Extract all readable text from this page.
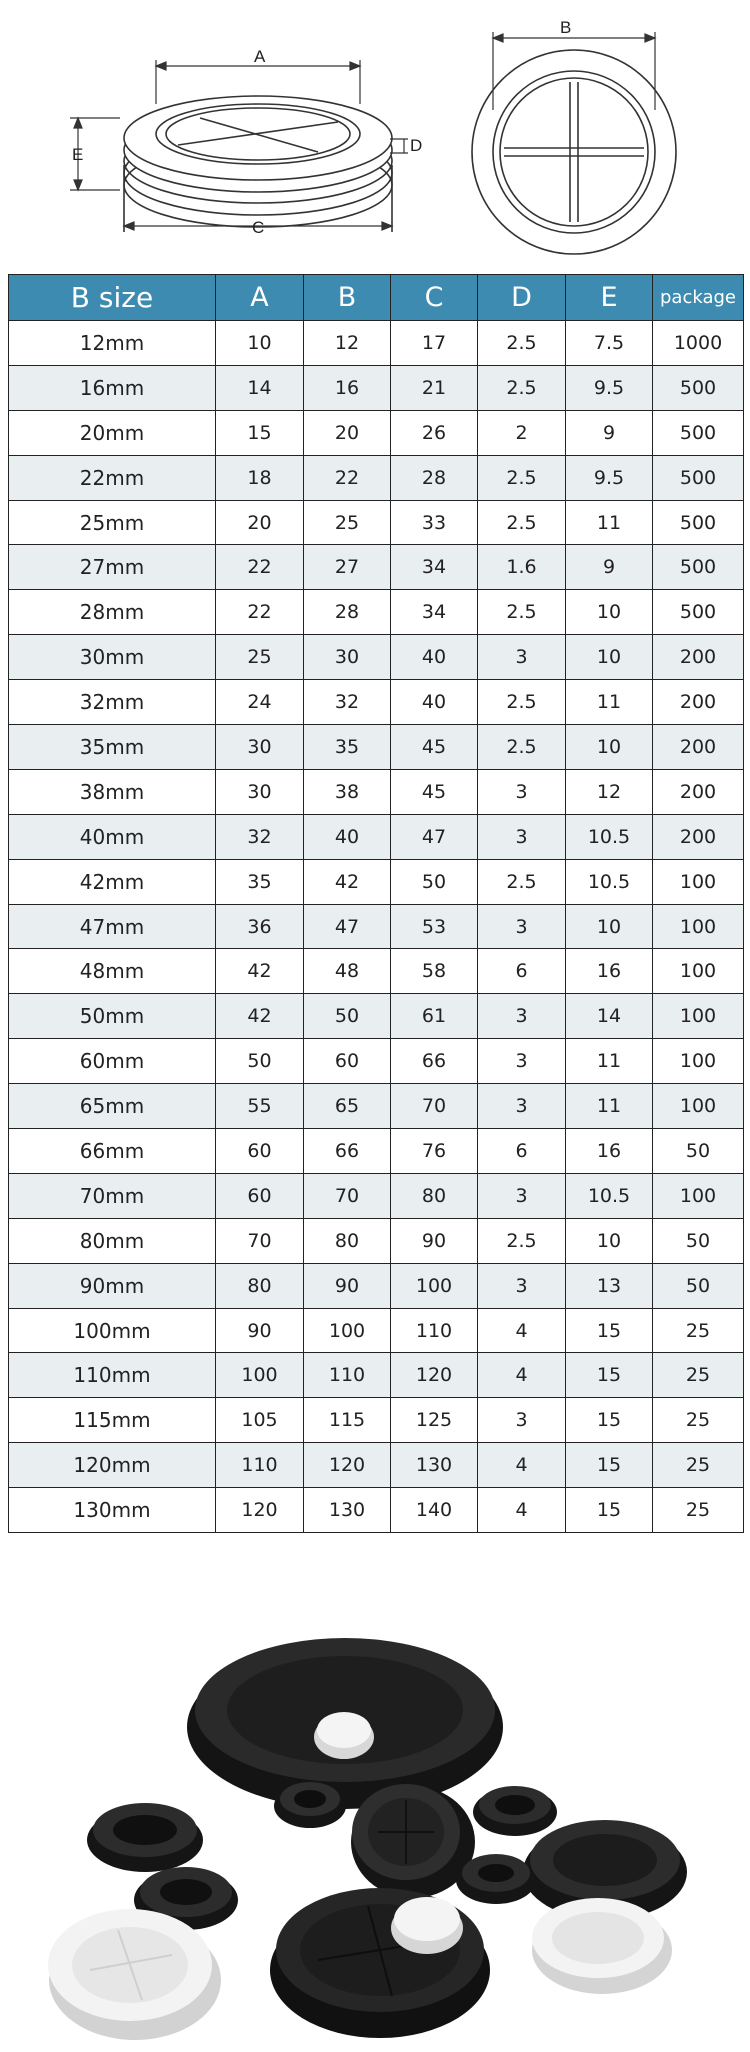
A
C
E	D
B
B size	A	B	C	D	E	package
12mm	10	12	17	2.5	7.5	1000
16mm	14	16	21	2.5	9.5	500
20mm	15	20	26	2	9	500
22mm	18	22	28	2.5	9.5	500
25mm	20	25	33	2.5	11	500
27mm	22	27	34	1.6	9	500
28mm	22	28	34	2.5	10	500
30mm	25	30	40	3	10	200
32mm	24	32	40	2.5	11	200
35mm	30	35	45	2.5	10	200
38mm	30	38	45	3	12	200
40mm	32	40	47	3	10.5	200
42mm	35	42	50	2.5	10.5	100
47mm	36	47	53	3	10	100
48mm	42	48	58	6	16	100
50mm	42	50	61	3	14	100
60mm	50	60	66	3	11	100
65mm	55	65	70	3	11	100
66mm	60	66	76	6	16	50
70mm	60	70	80	3	10.5	100
80mm	70	80	90	2.5	10	50
90mm	80	90	100	3	13	50
100mm	90	100	110	4	15	25
110mm	100	110	120	4	15	25
115mm	105	115	125	3	15	25
120mm	110	120	130	4	15	25
130mm	120	130	140	4	15	25
